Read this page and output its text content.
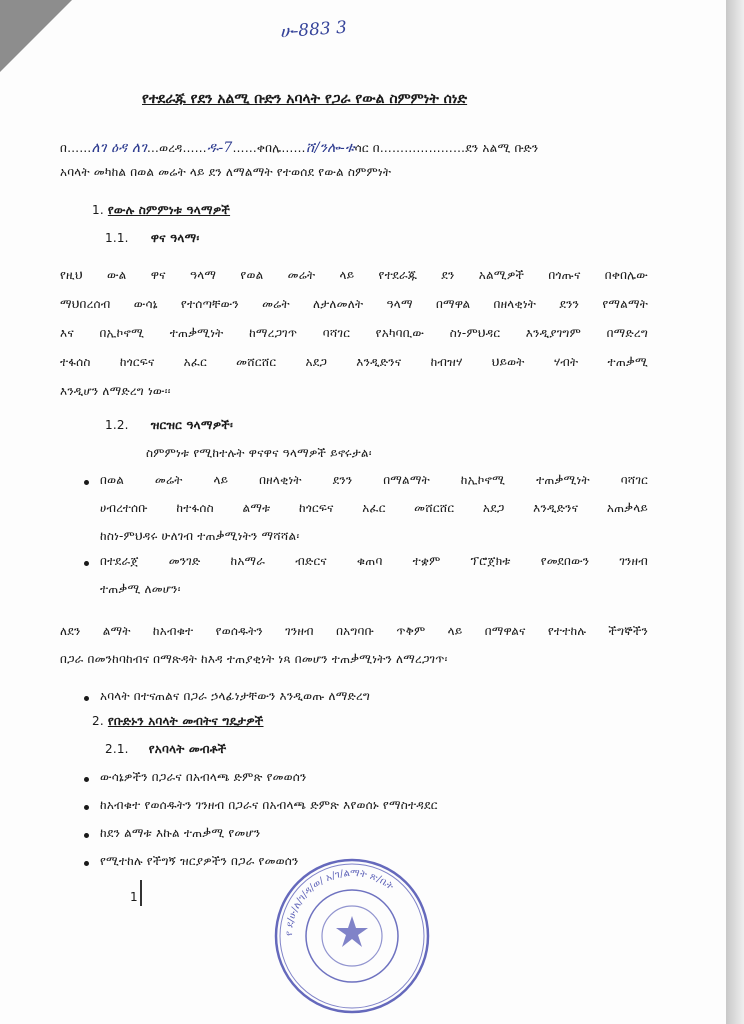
ሁ-883 3
የተደራጁ የደን አልሚ ቡድን አባላት የጋራ የውል ስምምነት ሰነድ
በ……ለገ ዕዳ ለገ…ወረዳ……ዱ-7……ቀበሌ……ሸ/ንሎ-ቱሳር በ…………………ደን አልሚ ቡድን
አባላት መካከል በወል መሬት ላይ ደን ለማልማት የተወሰደ የውል ስምምነት
1. የውሉ ስምምነቱ ዓላማዎች
1.1. ዋና ዓላማ፡
የዚህ ውል ዋና ዓላማ የወል መሬት ላይ የተደራጁ ደን አልሚዎች በጎጡና በቀበሌው
ማህበረሰብ ውሳኔ የተሰጣቸውን መሬት ለታለመለት ዓላማ በማዋል በዘላቂነት ደንን የማልማት
እና በኢኮኖሚ ተጠቃሚነት ከማረጋገጥ ባሻገር የአካባቢው ስነ-ምህዳር እንዲያገግም በማድረግ
ተፋሰስ ከጎርፍና አፈር መሸርሸር አደጋ እንዲድንና ከብዝሃ ህይወት ሃብት ተጠቃሚ
እንዲሆን ለማድረግ ነው፡፡
1.2. ዝርዝር ዓላማዎች፡
ስምምነቱ የሚከተሉት ዋናዋና ዓላማዎች ይኖሩታል፡
በወል መሬት ላይ በዘላቂነት ደንን በማልማት ከኢኮኖሚ ተጠቃሚነት ባሻገር
ሀብረተሰቡ ከተፋሰስ ልማቱ ከጎርፍና አፈር መሸርሸር አደጋ እንዲድንና አጠቃላይ
ከስነ-ምህዳሩ ሁለገብ ተጠቃሚነትን ማሻሻል፡
በተደራጀ መንገድ ከአማራ ብድርና ቁጠባ ተቋም ፕሮጀክቱ የመደበውን ገንዘብ
ተጠቃሚ ለመሆን፡
ለደን ልማት ከአብቁተ የወሰዱትን ገንዘብ በአግባቡ ጥቅም ላይ በማዋልና የተተከሉ ችግኞችን
በጋራ በመንከባከብና በማጽዳት ከእዳ ተጠያቂነት ነጻ በመሆን ተጠቃሚነትን ለማረጋገጥ፡
አባላት በተናጠልና በጋራ ኃላፊነታቸውን እንዲወጡ ለማድረግ
2. የቡድኑን አባላት መብትና ግዴታዎች
2.1. የአባላት መብቶች
ውሳኔዎችን በጋራና በአብላጫ ድምጽ የመወሰን
ከአብቁተ የወሰዱትን ገንዘብ በጋራና በአብላጫ ድምጽ እየወሰኑ የማስተዳደር
ከደን ልማቱ እኩል ተጠቃሚ የመሆን
የሚተከሉ የችግኝ ዝርያዎችን በጋራ የመወሰን
1
የ ደ/ሁ/ለ/ገ/ዳ/ወ/ አ/ገ/ልማት ጽ/ቤት
